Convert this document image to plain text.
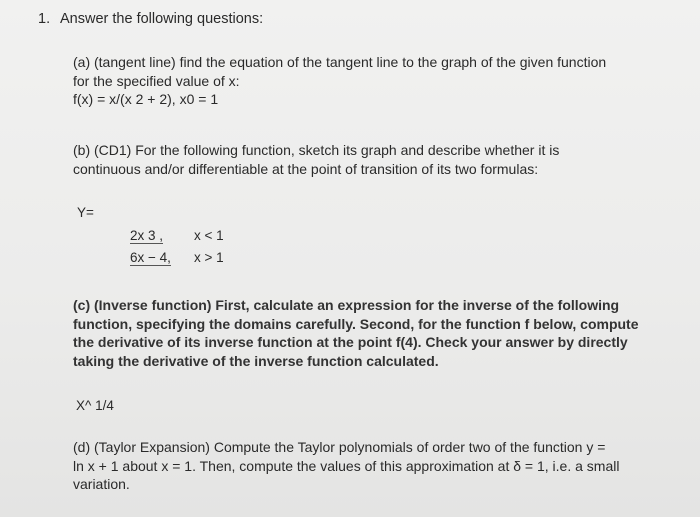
1. Answer the following questions:
(a) (tangent line) find the equation of the tangent line to the graph of the given function
for the specified value of x:
f(x) = x/(x 2 + 2), x0 = 1
(b) (CD1) For the following function, sketch its graph and describe whether it is
continuous and/or differentiable at the point of transition of its two formulas:
Y=
2x 3 , x < 1
6x − 4, x > 1
(c) (Inverse function) First, calculate an expression for the inverse of the following
function, specifying the domains carefully. Second, for the function f below, compute
the derivative of its inverse function at the point f(4). Check your answer by directly
taking the derivative of the inverse function calculated.
X^ 1/4
(d) (Taylor Expansion) Compute the Taylor polynomials of order two of the function y =
ln x + 1 about x = 1. Then, compute the values of this approximation at δ = 1, i.e. a small
variation.
